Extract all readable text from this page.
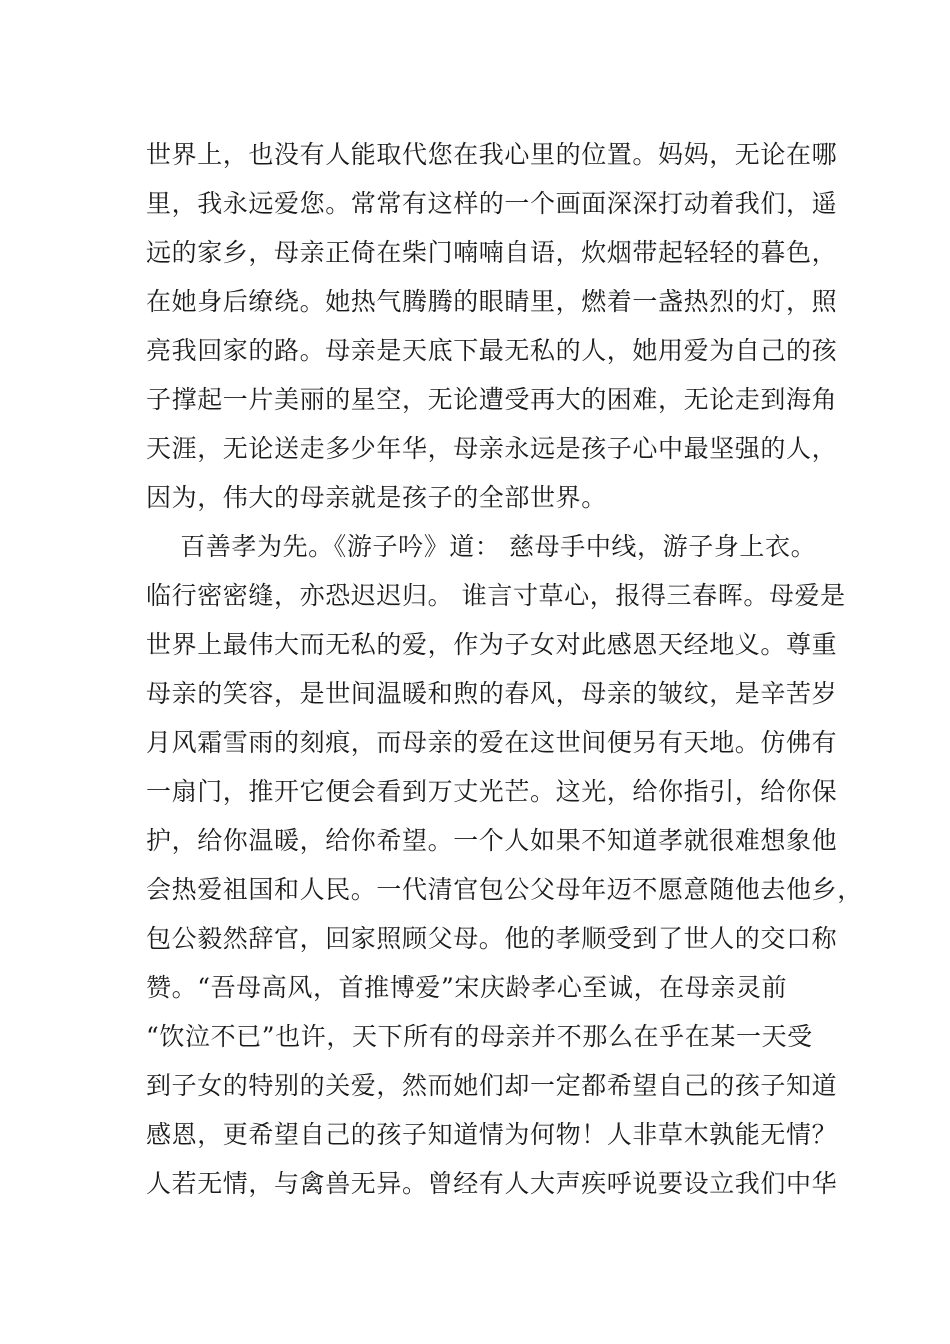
世界上，也没有人能取代您在我心里的位置。妈妈，无论在哪
里，我永远爱您。常常有这样的一个画面深深打动着我们，遥
远的家乡，母亲正倚在柴门喃喃自语，炊烟带起轻轻的暮色，
在她身后缭绕。她热气腾腾的眼睛里，燃着一盏热烈的灯，照
亮我回家的路。母亲是天底下最无私的人，她用爱为自己的孩
子撑起一片美丽的星空，无论遭受再大的困难，无论走到海角
天涯，无论送走多少年华，母亲永远是孩子心中最坚强的人，
因为，伟大的母亲就是孩子的全部世界。
百善孝为先。《游子吟》道： 慈母手中线，游子身上衣。
临行密密缝，亦恐迟迟归。 谁言寸草心，报得三春晖。母爱是
世界上最伟大而无私的爱，作为子女对此感恩天经地义。尊重
母亲的笑容，是世间温暖和煦的春风，母亲的皱纹，是辛苦岁
月风霜雪雨的刻痕，而母亲的爱在这世间便另有天地。仿佛有
一扇门，推开它便会看到万丈光芒。这光，给你指引，给你保
护，给你温暖，给你希望。一个人如果不知道孝就很难想象他
会热爱祖国和人民。一代清官包公父母年迈不愿意随他去他乡，
包公毅然辞官，回家照顾父母。他的孝顺受到了世人的交口称
赞。“吾母高风，首推博爱”宋庆龄孝心至诚，在母亲灵前
“饮泣不已”也许，天下所有的母亲并不那么在乎在某一天受
到子女的特别的关爱，然而她们却一定都希望自己的孩子知道
感恩，更希望自己的孩子知道情为何物！人非草木孰能无情？
人若无情，与禽兽无异。曾经有人大声疾呼说要设立我们中华
